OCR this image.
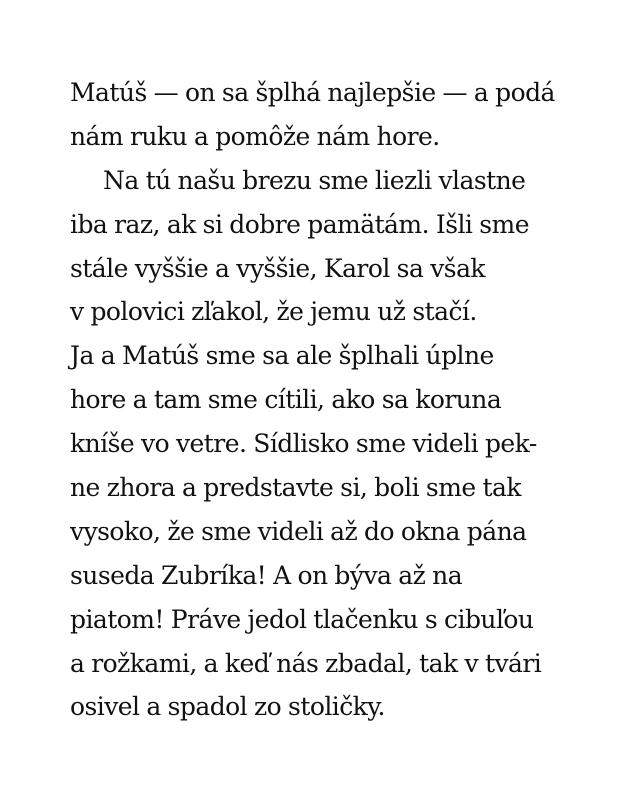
Matúš — on sa šplhá najlepšie — a podá
nám ruku a pomôže nám hore.
Na tú našu brezu sme liezli vlastne
iba raz, ak si dobre pamätám. Išli sme
stále vyššie a vyššie, Karol sa však
v polovici zľakol, že jemu už stačí.
Ja a Matúš sme sa ale šplhali úplne
hore a tam sme cítili, ako sa koruna
kníše vo vetre. Sídlisko sme videli pek-
ne zhora a predstavte si, boli sme tak
vysoko, že sme videli až do okna pána
suseda Zubríka! A on býva až na
piatom! Práve jedol tlačenku s cibuľou
a rožkami, a keď nás zbadal, tak v tvári
osivel a spadol zo stoličky.
